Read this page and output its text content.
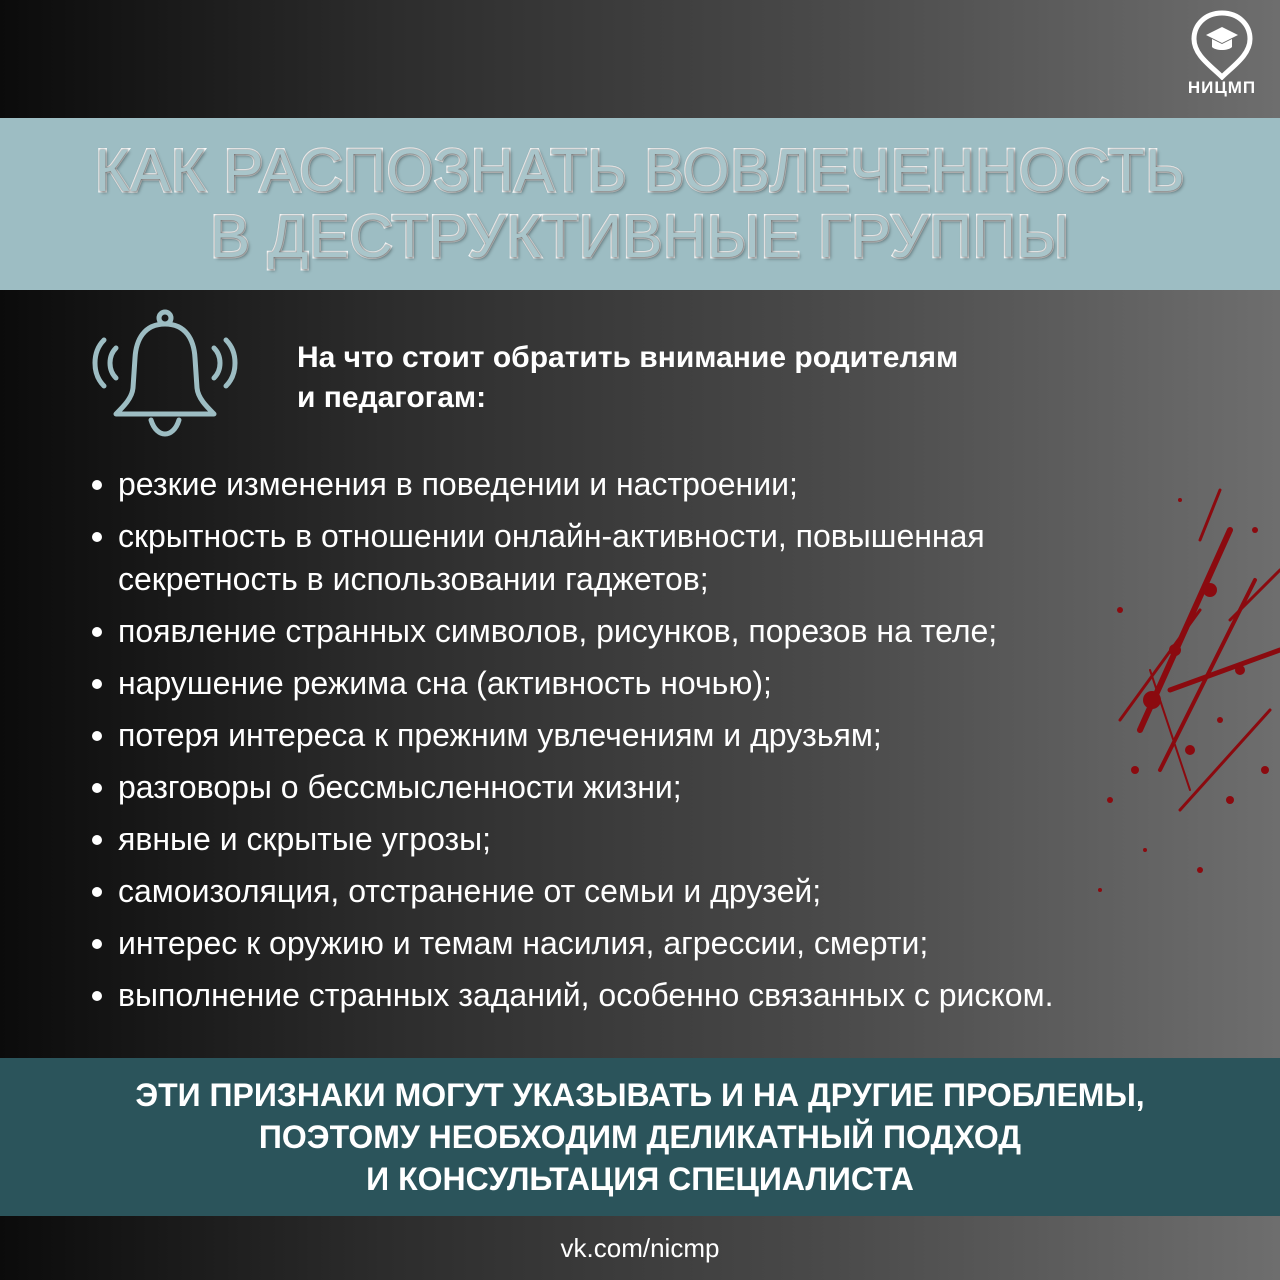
НИЦМП
КАК РАСПОЗНАТЬ ВОВЛЕЧЕННОСТЬ
В ДЕСТРУКТИВНЫЕ ГРУППЫ
На что стоит обратить внимание родителям
и педагогам:
резкие изменения в поведении и настроении;
скрытность в отношении онлайн-активности, повышенная
секретность в использовании гаджетов;
появление странных символов, рисунков, порезов на теле;
нарушение режима сна (активность ночью);
потеря интереса к прежним увлечениям и друзьям;
разговоры о бессмысленности жизни;
явные и скрытые угрозы;
самоизоляция, отстранение от семьи и друзей;
интерес к оружию и темам насилия, агрессии, смерти;
выполнение странных заданий, особенно связанных с риском.
ЭТИ ПРИЗНАКИ МОГУТ УКАЗЫВАТЬ И НА ДРУГИЕ ПРОБЛЕМЫ,
ПОЭТОМУ НЕОБХОДИМ ДЕЛИКАТНЫЙ ПОДХОД
И КОНСУЛЬТАЦИЯ СПЕЦИАЛИСТА
vk.com/nicmp
